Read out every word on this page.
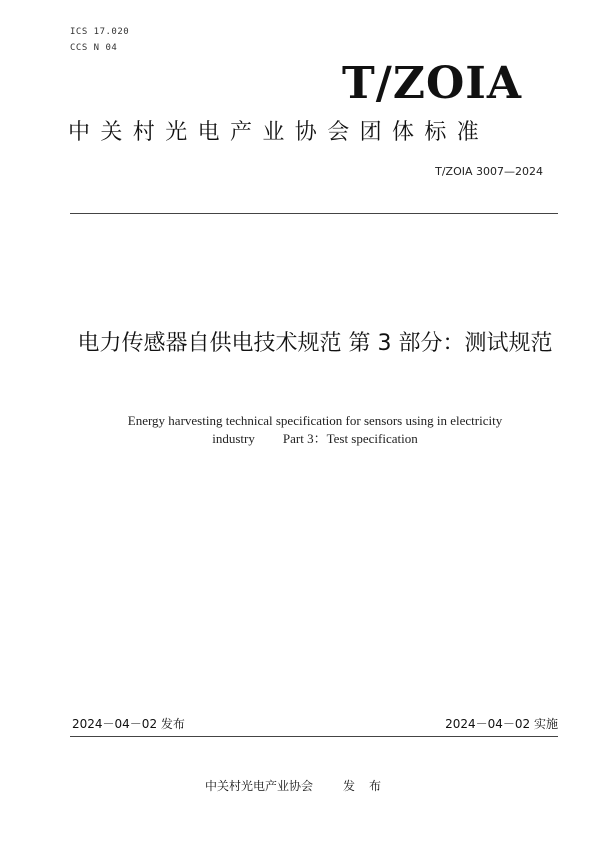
ICS 17.020
CCS N 04
T/ZOIA
中关村光电产业协会团体标准
T/ZOIA 3007—2024
电力传感器自供电技术规范 第 3 部分：测试规范
Energy harvesting technical specification for sensors using in electricity
industry Part 3：Test specification
2024－04－02 发布	2024－04－02 实施
中关村光电产业协会	发布
